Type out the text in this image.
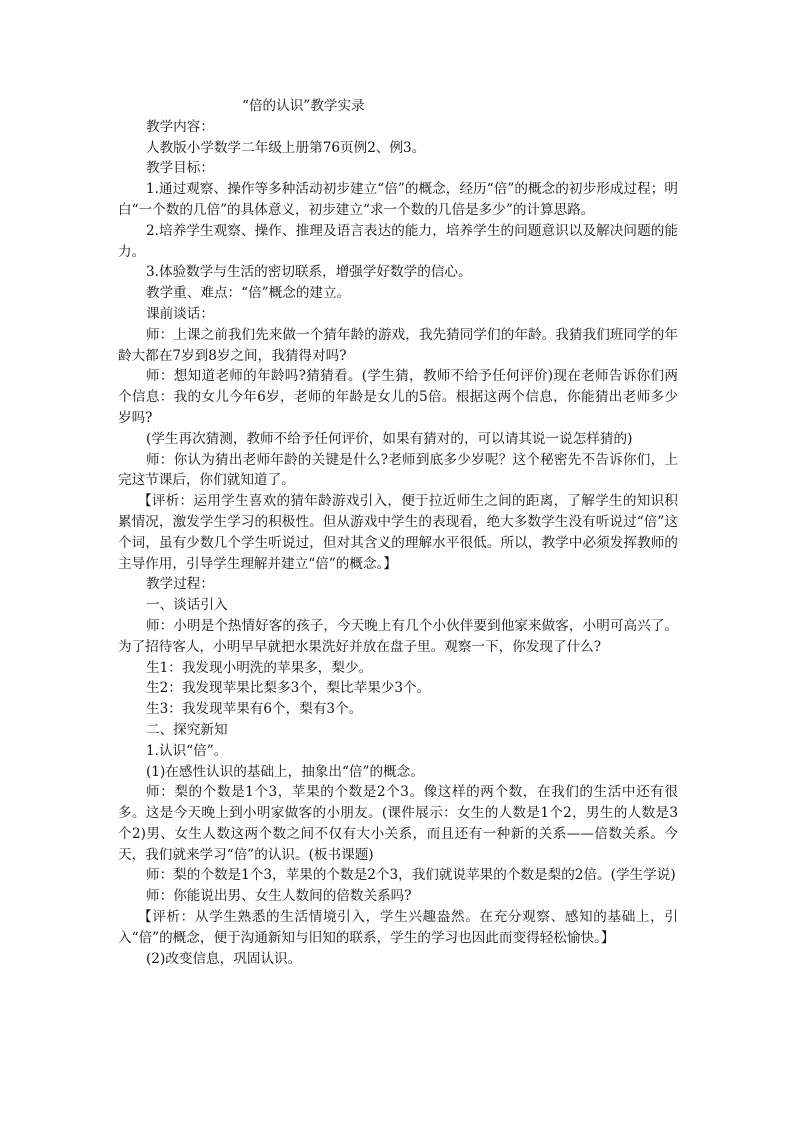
“倍的认识”教学实录

教学内容：

人教版小学数学二年级上册第76页例2、例3。

教学目标：

1.通过观察、操作等多种活动初步建立“倍”的概念，经历“倍”的概念的初步形成过程；明白“一个数的几倍”的具体意义，初步建立“求一个数的几倍是多少”的计算思路。

2.培养学生观察、操作、推理及语言表达的能力，培养学生的问题意识以及解决问题的能力。

3.体验数学与生活的密切联系，增强学好数学的信心。

教学重、难点：“倍”概念的建立。

课前谈话：

师：上课之前我们先来做一个猜年龄的游戏，我先猜同学们的年龄。我猜我们班同学的年龄大都在7岁到8岁之间，我猜得对吗?

师：想知道老师的年龄吗?猜猜看。(学生猜，教师不给予任何评价)现在老师告诉你们两个信息：我的女儿今年6岁，老师的年龄是女儿的5倍。根据这两个信息，你能猜出老师多少岁吗?

(学生再次猜测，教师不给予任何评价，如果有猜对的，可以请其说一说怎样猜的)

师：你认为猜出老师年龄的关键是什么?老师到底多少岁呢？这个秘密先不告诉你们，上完这节课后，你们就知道了。

【评析：运用学生喜欢的猜年龄游戏引入，便于拉近师生之间的距离，了解学生的知识积累情况，激发学生学习的积极性。但从游戏中学生的表现看，绝大多数学生没有听说过“倍”这个词，虽有少数几个学生听说过，但对其含义的理解水平很低。所以，教学中必须发挥教师的主导作用，引导学生理解并建立“倍”的概念。】

教学过程：

一、谈话引入

师：小明是个热情好客的孩子，今天晚上有几个小伙伴要到他家来做客，小明可高兴了。为了招待客人，小明早早就把水果洗好并放在盘子里。观察一下，你发现了什么?

生1：我发现小明洗的苹果多，梨少。

生2：我发现苹果比梨多3个，梨比苹果少3个。

生3：我发现苹果有6个，梨有3个。

二、探究新知

1.认识“倍”。

(1)在感性认识的基础上，抽象出“倍”的概念。

师：梨的个数是1个3，苹果的个数是2个3。像这样的两个数，在我们的生活中还有很多。这是今天晚上到小明家做客的小朋友。(课件展示：女生的人数是1个2，男生的人数是3个2)男、女生人数这两个数之间不仅有大小关系，而且还有一种新的关系——倍数关系。今天，我们就来学习“倍”的认识。(板书课题)

师：梨的个数是1个3，苹果的个数是2个3，我们就说苹果的个数是梨的2倍。(学生学说)

师：你能说出男、女生人数间的倍数关系吗?

【评析：从学生熟悉的生活情境引入，学生兴趣盎然。在充分观察、感知的基础上，引入“倍”的概念，便于沟通新知与旧知的联系，学生的学习也因此而变得轻松愉快。】

(2)改变信息，巩固认识。
